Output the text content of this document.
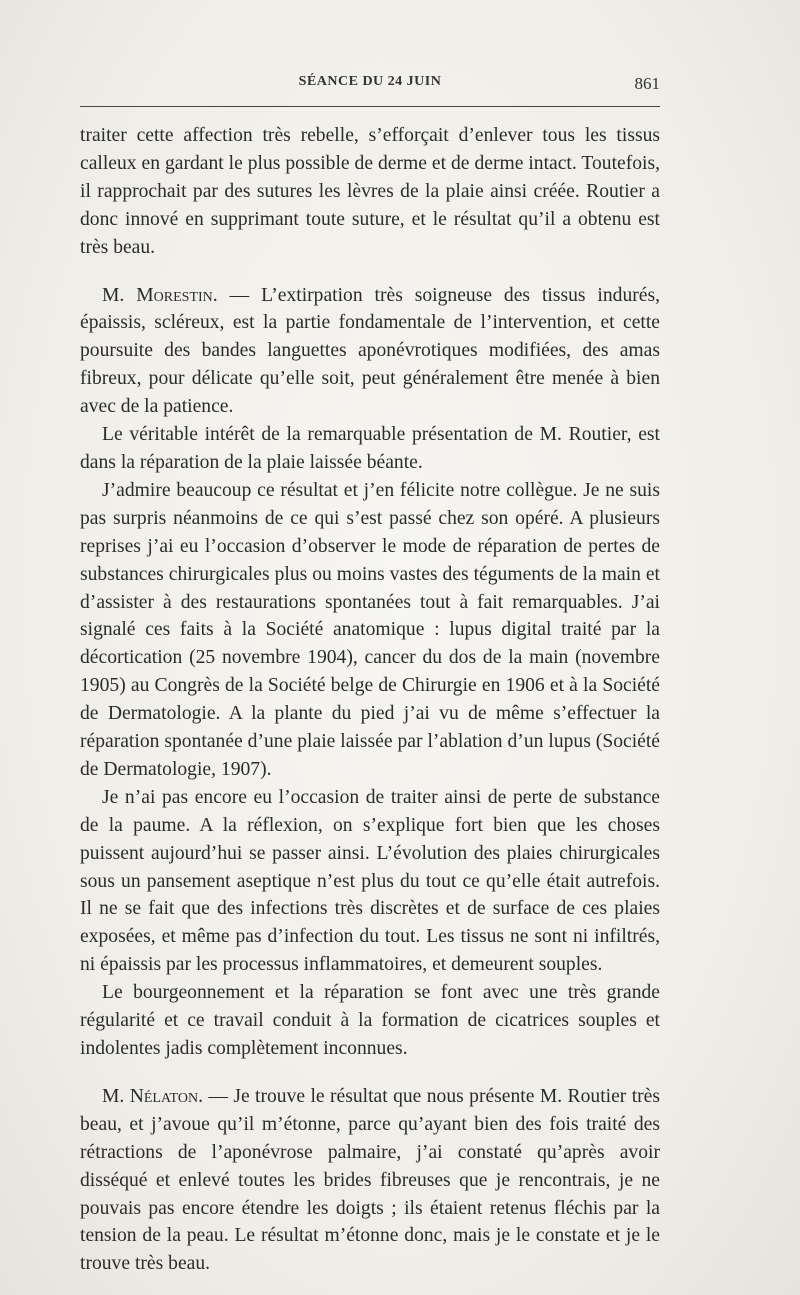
SÉANCE DU 24 JUIN	861

traiter cette affection très rebelle, s’efforçait d’enlever tous les tissus calleux en gardant le plus possible de derme et de derme intact. Toutefois, il rapprochait par des sutures les lèvres de la plaie ainsi créée. Routier a donc innové en supprimant toute suture, et le résultat qu’il a obtenu est très beau.

M. Morestin. — L’extirpation très soigneuse des tissus indurés, épaissis, scléreux, est la partie fondamentale de l’intervention, et cette poursuite des bandes languettes aponévrotiques modifiées, des amas fibreux, pour délicate qu’elle soit, peut généralement être menée à bien avec de la patience.

Le véritable intérêt de la remarquable présentation de M. Routier, est dans la réparation de la plaie laissée béante.

J’admire beaucoup ce résultat et j’en félicite notre collègue. Je ne suis pas surpris néanmoins de ce qui s’est passé chez son opéré. A plusieurs reprises j’ai eu l’occasion d’observer le mode de réparation de pertes de substances chirurgicales plus ou moins vastes des téguments de la main et d’assister à des restaurations spontanées tout à fait remarquables. J’ai signalé ces faits à la Société anatomique : lupus digital traité par la décortication (25 novembre 1904), cancer du dos de la main (novembre 1905) au Congrès de la Société belge de Chirurgie en 1906 et à la Société de Dermatologie. A la plante du pied j’ai vu de même s’effectuer la réparation spontanée d’une plaie laissée par l’ablation d’un lupus (Société de Dermatologie, 1907).

Je n’ai pas encore eu l’occasion de traiter ainsi de perte de substance de la paume. A la réflexion, on s’explique fort bien que les choses puissent aujourd’hui se passer ainsi. L’évolution des plaies chirurgicales sous un pansement aseptique n’est plus du tout ce qu’elle était autrefois. Il ne se fait que des infections très discrètes et de surface de ces plaies exposées, et même pas d’infection du tout. Les tissus ne sont ni infiltrés, ni épaissis par les processus inflammatoires, et demeurent souples.

Le bourgeonnement et la réparation se font avec une très grande régularité et ce travail conduit à la formation de cicatrices souples et indolentes jadis complètement inconnues.

M. Nélaton. — Je trouve le résultat que nous présente M. Routier très beau, et j’avoue qu’il m’étonne, parce qu’ayant bien des fois traité des rétractions de l’aponévrose palmaire, j’ai constaté qu’après avoir disséqué et enlevé toutes les brides fibreuses que je rencontrais, je ne pouvais pas encore étendre les doigts ; ils étaient retenus fléchis par la tension de la peau. Le résultat m’étonne donc, mais je le constate et je le trouve très beau.
